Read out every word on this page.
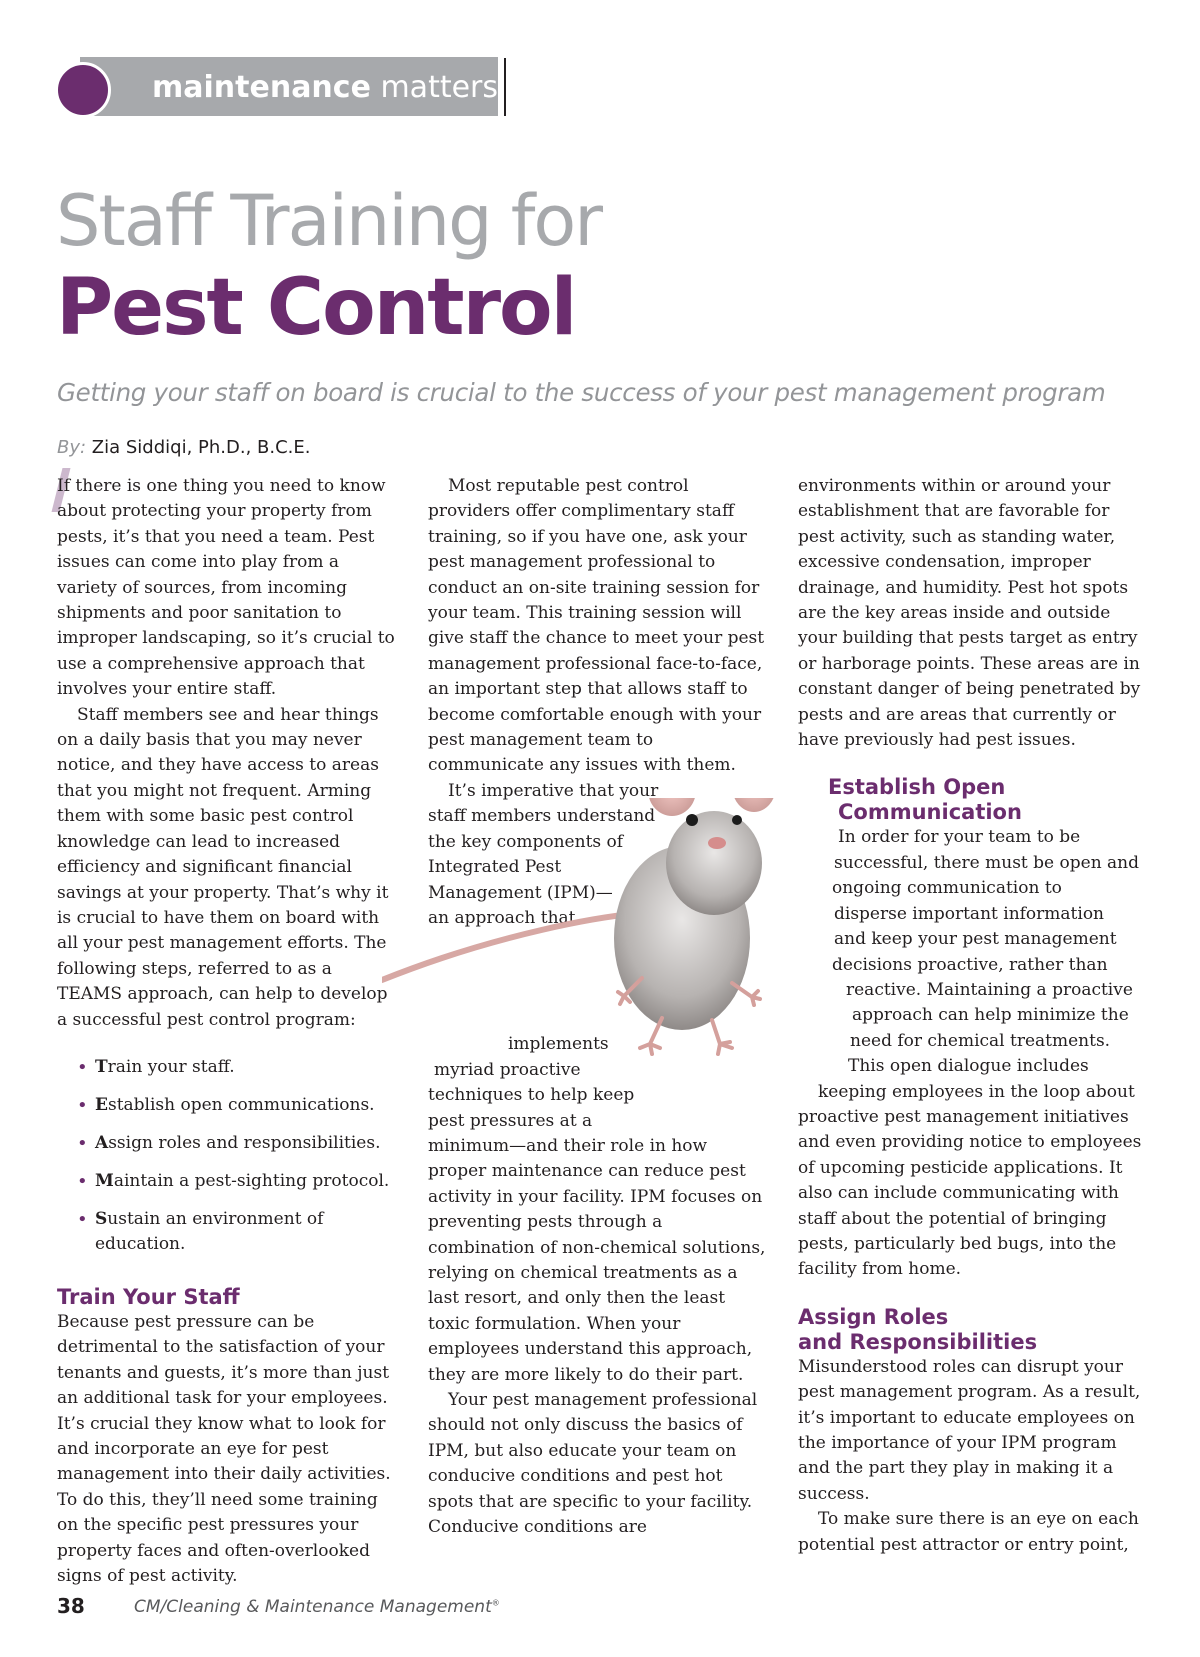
maintenance matters
Staff Training for
Pest Control
Getting your staff on board is crucial to the success of your pest management program
By: Zia Siddiqi, Ph.D., B.C.E.

If there is one thing you need to know about protecting your property from pests, it’s that you need a team. Pest issues can come into play from a variety of sources, from incoming shipments and poor sanitation to improper landscaping, so it’s crucial to use a comprehensive approach that involves your entire staff.

Staff members see and hear things on a daily basis that you may never notice, and they have access to areas that you might not frequent. Arming them with some basic pest control knowledge can lead to increased efficiency and significant financial savings at your property. That’s why it is crucial to have them on board with all your pest management efforts. The following steps, referred to as a TEAMS approach, can help to develop a successful pest control program:

• Train your staff.
• Establish open communications.
• Assign roles and responsibilities.
• Maintain a pest-sighting protocol.
• Sustain an environment of education.
Train Your Staff

Because pest pressure can be detrimental to the satisfaction of your tenants and guests, it’s more than just an additional task for your employees. It’s crucial they know what to look for and incorporate an eye for pest management into their daily activities. To do this, they’ll need some training on the specific pest pressures your property faces and often-overlooked signs of pest activity.

Most reputable pest control providers offer complimentary staff training, so if you have one, ask your pest management professional to conduct an on-site training session for your team. This training session will give staff the chance to meet your pest management professional face-to-face, an important step that allows staff to become comfortable enough with your pest management team to communicate any issues with them.

It’s imperative that your
staff members understand
the key components of
Integrated Pest
Management (IPM)—
an approach that
implements
myriad proactive
techniques to help keep
pest pressures at a

minimum—and their role in how proper maintenance can reduce pest activity in your facility. IPM focuses on preventing pests through a combination of non-chemical solutions, relying on chemical treatments as a last resort, and only then the least toxic formulation. When your employees understand this approach, they are more likely to do their part.

Your pest management professional should not only discuss the basics of IPM, but also educate your team on conducive conditions and pest hot spots that are specific to your facility. Conducive conditions are

environments within or around your establishment that are favorable for pest activity, such as standing water, excessive condensation, improper drainage, and humidity. Pest hot spots are the key areas inside and outside your building that pests target as entry or harborage points. These areas are in constant danger of being penetrated by pests and are areas that currently or have previously had pest issues.

Establish Open
Communication
In order for your team to be
successful, there must be open and
ongoing communication to
disperse important information
and keep your pest management
decisions proactive, rather than
reactive. Maintaining a proactive
approach can help minimize the
need for chemical treatments.
This open dialogue includes
keeping employees in the loop about

proactive pest management initiatives and even providing notice to employees of upcoming pesticide applications. It also can include communicating with staff about the potential of bringing pests, particularly bed bugs, into the facility from home.

Assign Roles
and Responsibilities

Misunderstood roles can disrupt your pest management program. As a result, it’s important to educate employees on the importance of your IPM program and the part they play in making it a success.

To make sure there is an eye on each potential pest attractor or entry point,

38	CM/Cleaning & Maintenance Management®
